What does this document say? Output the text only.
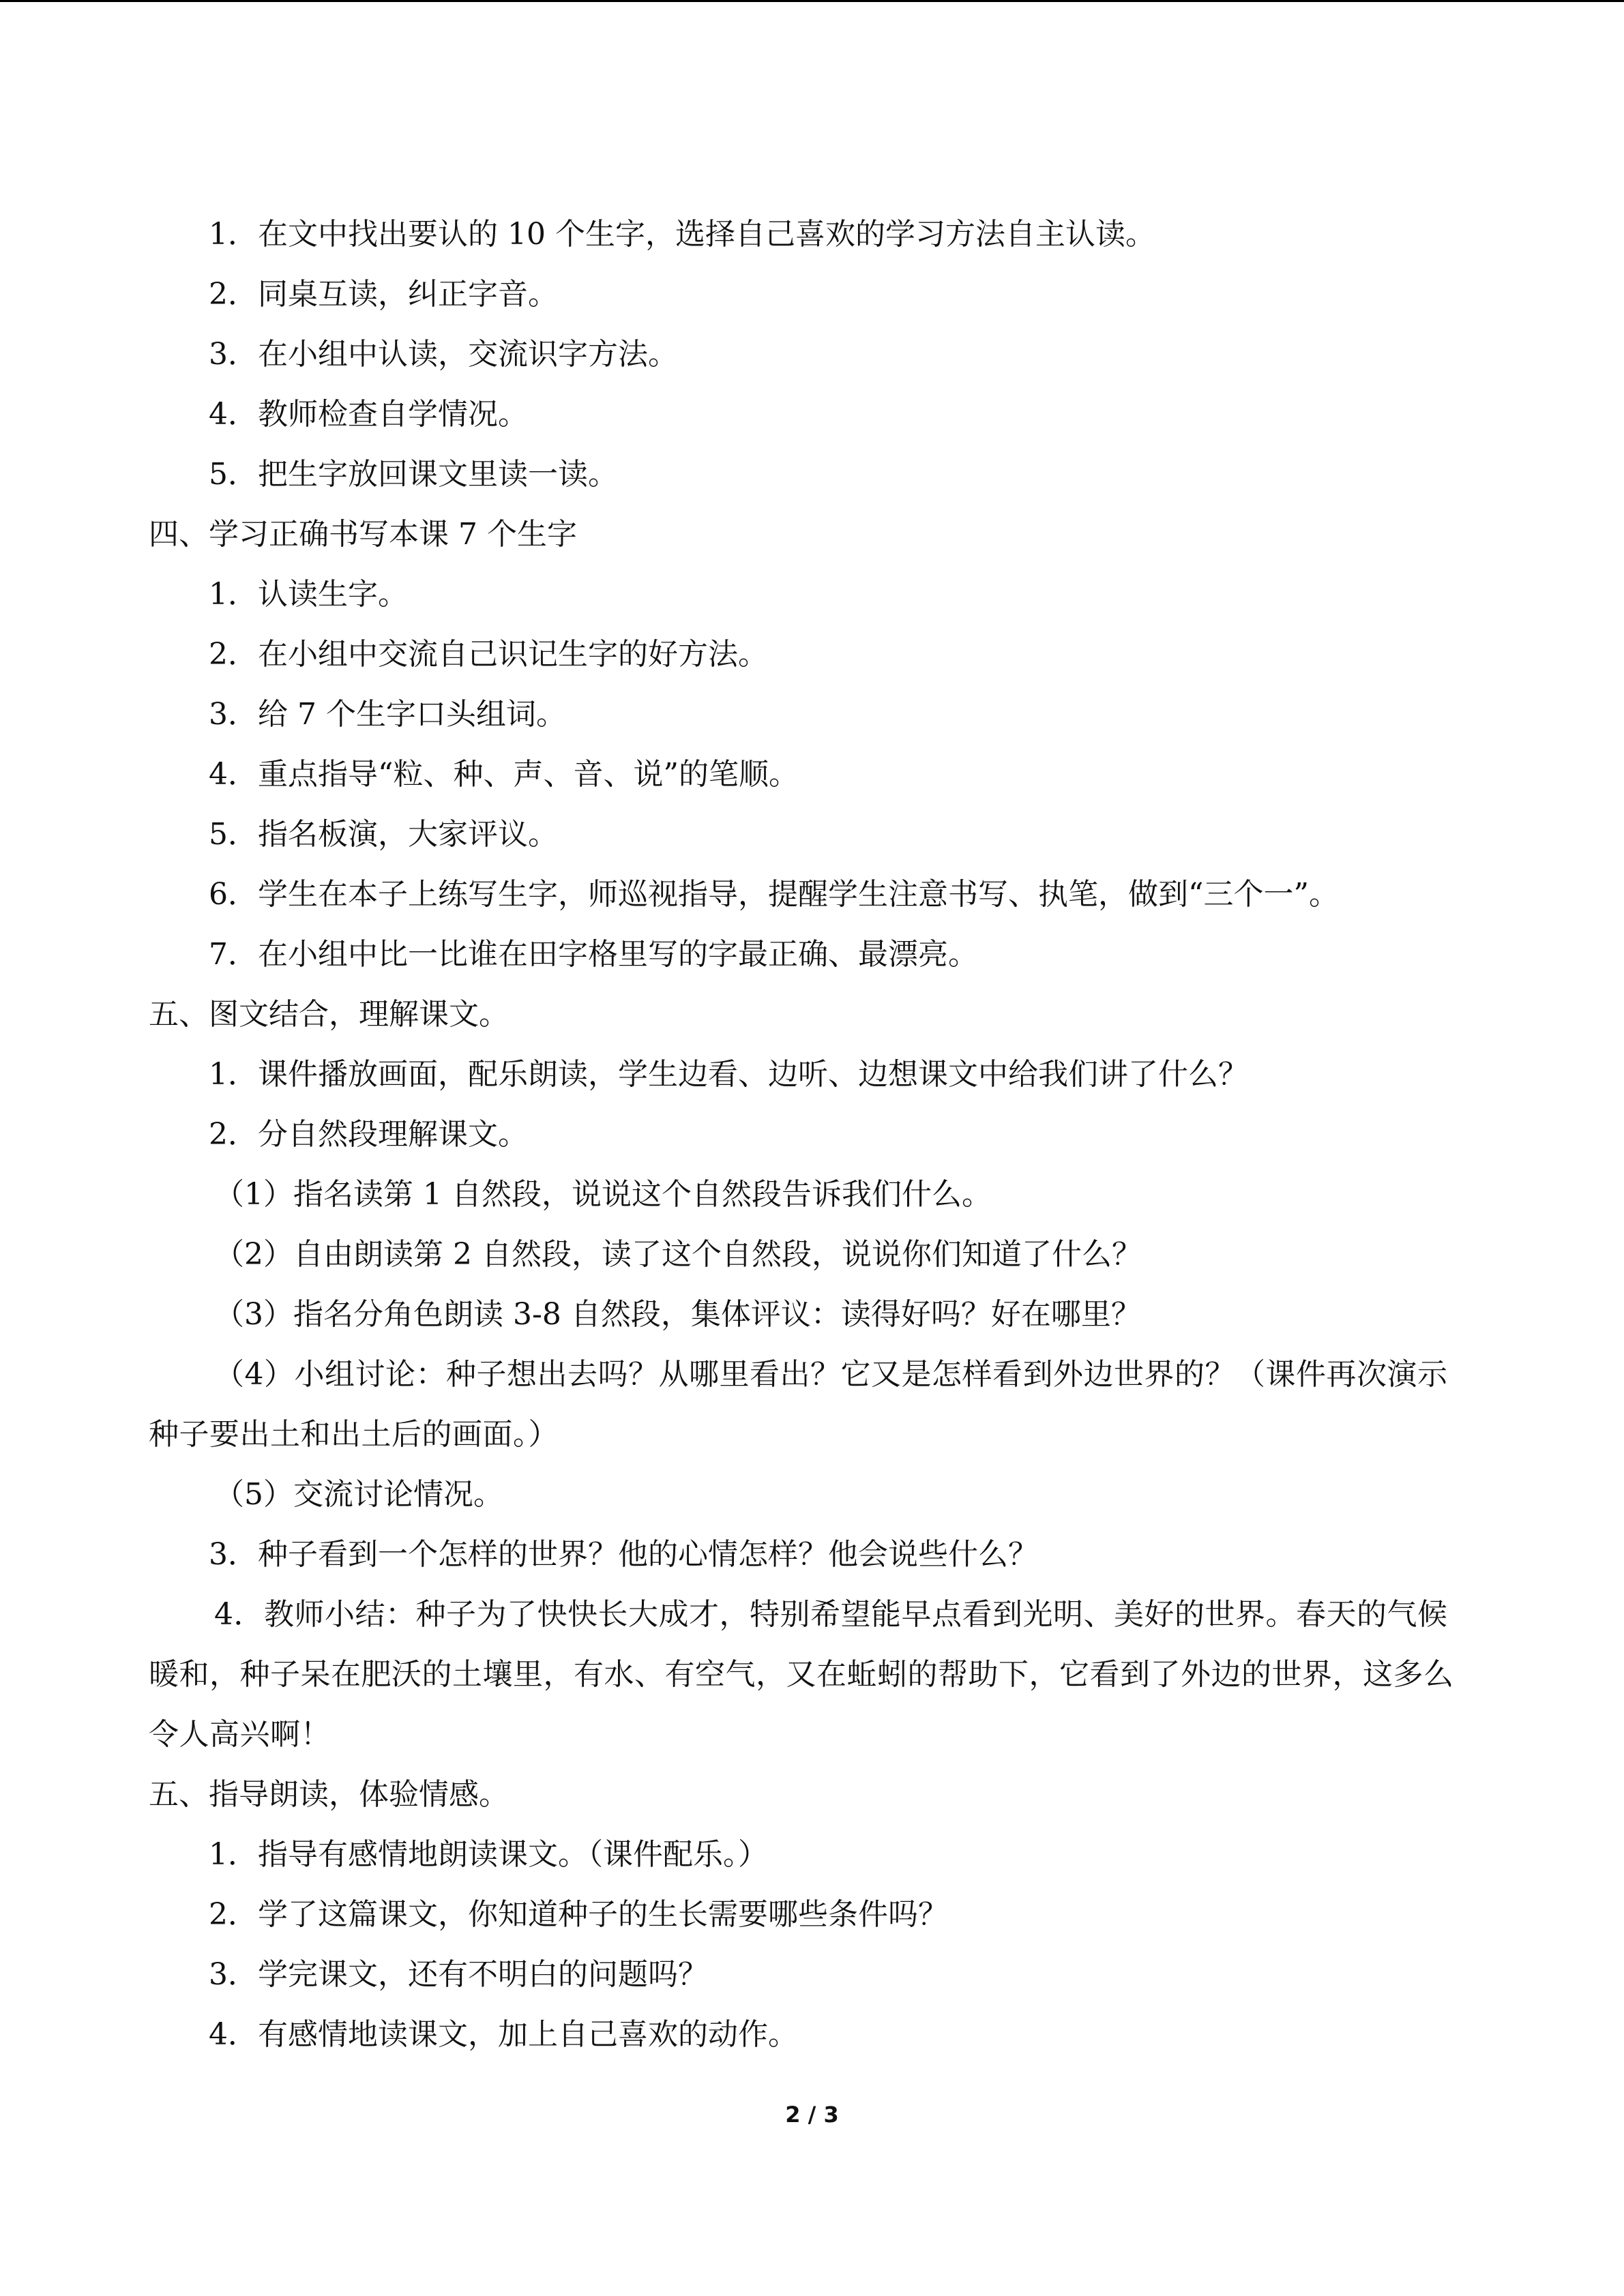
1．在文中找出要认的 10 个生字，选择自己喜欢的学习方法自主认读。

2．同桌互读，纠正字音。

3．在小组中认读，交流识字方法。

4．教师检查自学情况。

5．把生字放回课文里读一读。

四、学习正确书写本课 7 个生字

1．认读生字。

2．在小组中交流自己识记生字的好方法。

3．给 7 个生字口头组词。

4．重点指导“粒、种、声、音、说”的笔顺。

5．指名板演，大家评议。

6．学生在本子上练写生字，师巡视指导，提醒学生注意书写、执笔，做到“三个一”。

7．在小组中比一比谁在田字格里写的字最正确、最漂亮。

五、图文结合，理解课文。

1．课件播放画面，配乐朗读，学生边看、边听、边想课文中给我们讲了什么？

2．分自然段理解课文。

（1）指名读第 1 自然段，说说这个自然段告诉我们什么。

（2）自由朗读第 2 自然段，读了这个自然段，说说你们知道了什么？

（3）指名分角色朗读 3-8 自然段，集体评议：读得好吗？好在哪里？

（4）小组讨论：种子想出去吗？从哪里看出？它又是怎样看到外边世界的？（课件再次演示种子要出土和出土后的画面。）

（5）交流讨论情况。

3．种子看到一个怎样的世界？他的心情怎样？他会说些什么？

4．教师小结：种子为了快快长大成才，特别希望能早点看到光明、美好的世界。春天的气候暖和，种子呆在肥沃的土壤里，有水、有空气，又在蚯蚓的帮助下，它看到了外边的世界，这多么令人高兴啊！

五、指导朗读，体验情感。

1．指导有感情地朗读课文。（课件配乐。）

2．学了这篇课文，你知道种子的生长需要哪些条件吗？

3．学完课文，还有不明白的问题吗？

4．有感情地读课文，加上自己喜欢的动作。

2 / 3
